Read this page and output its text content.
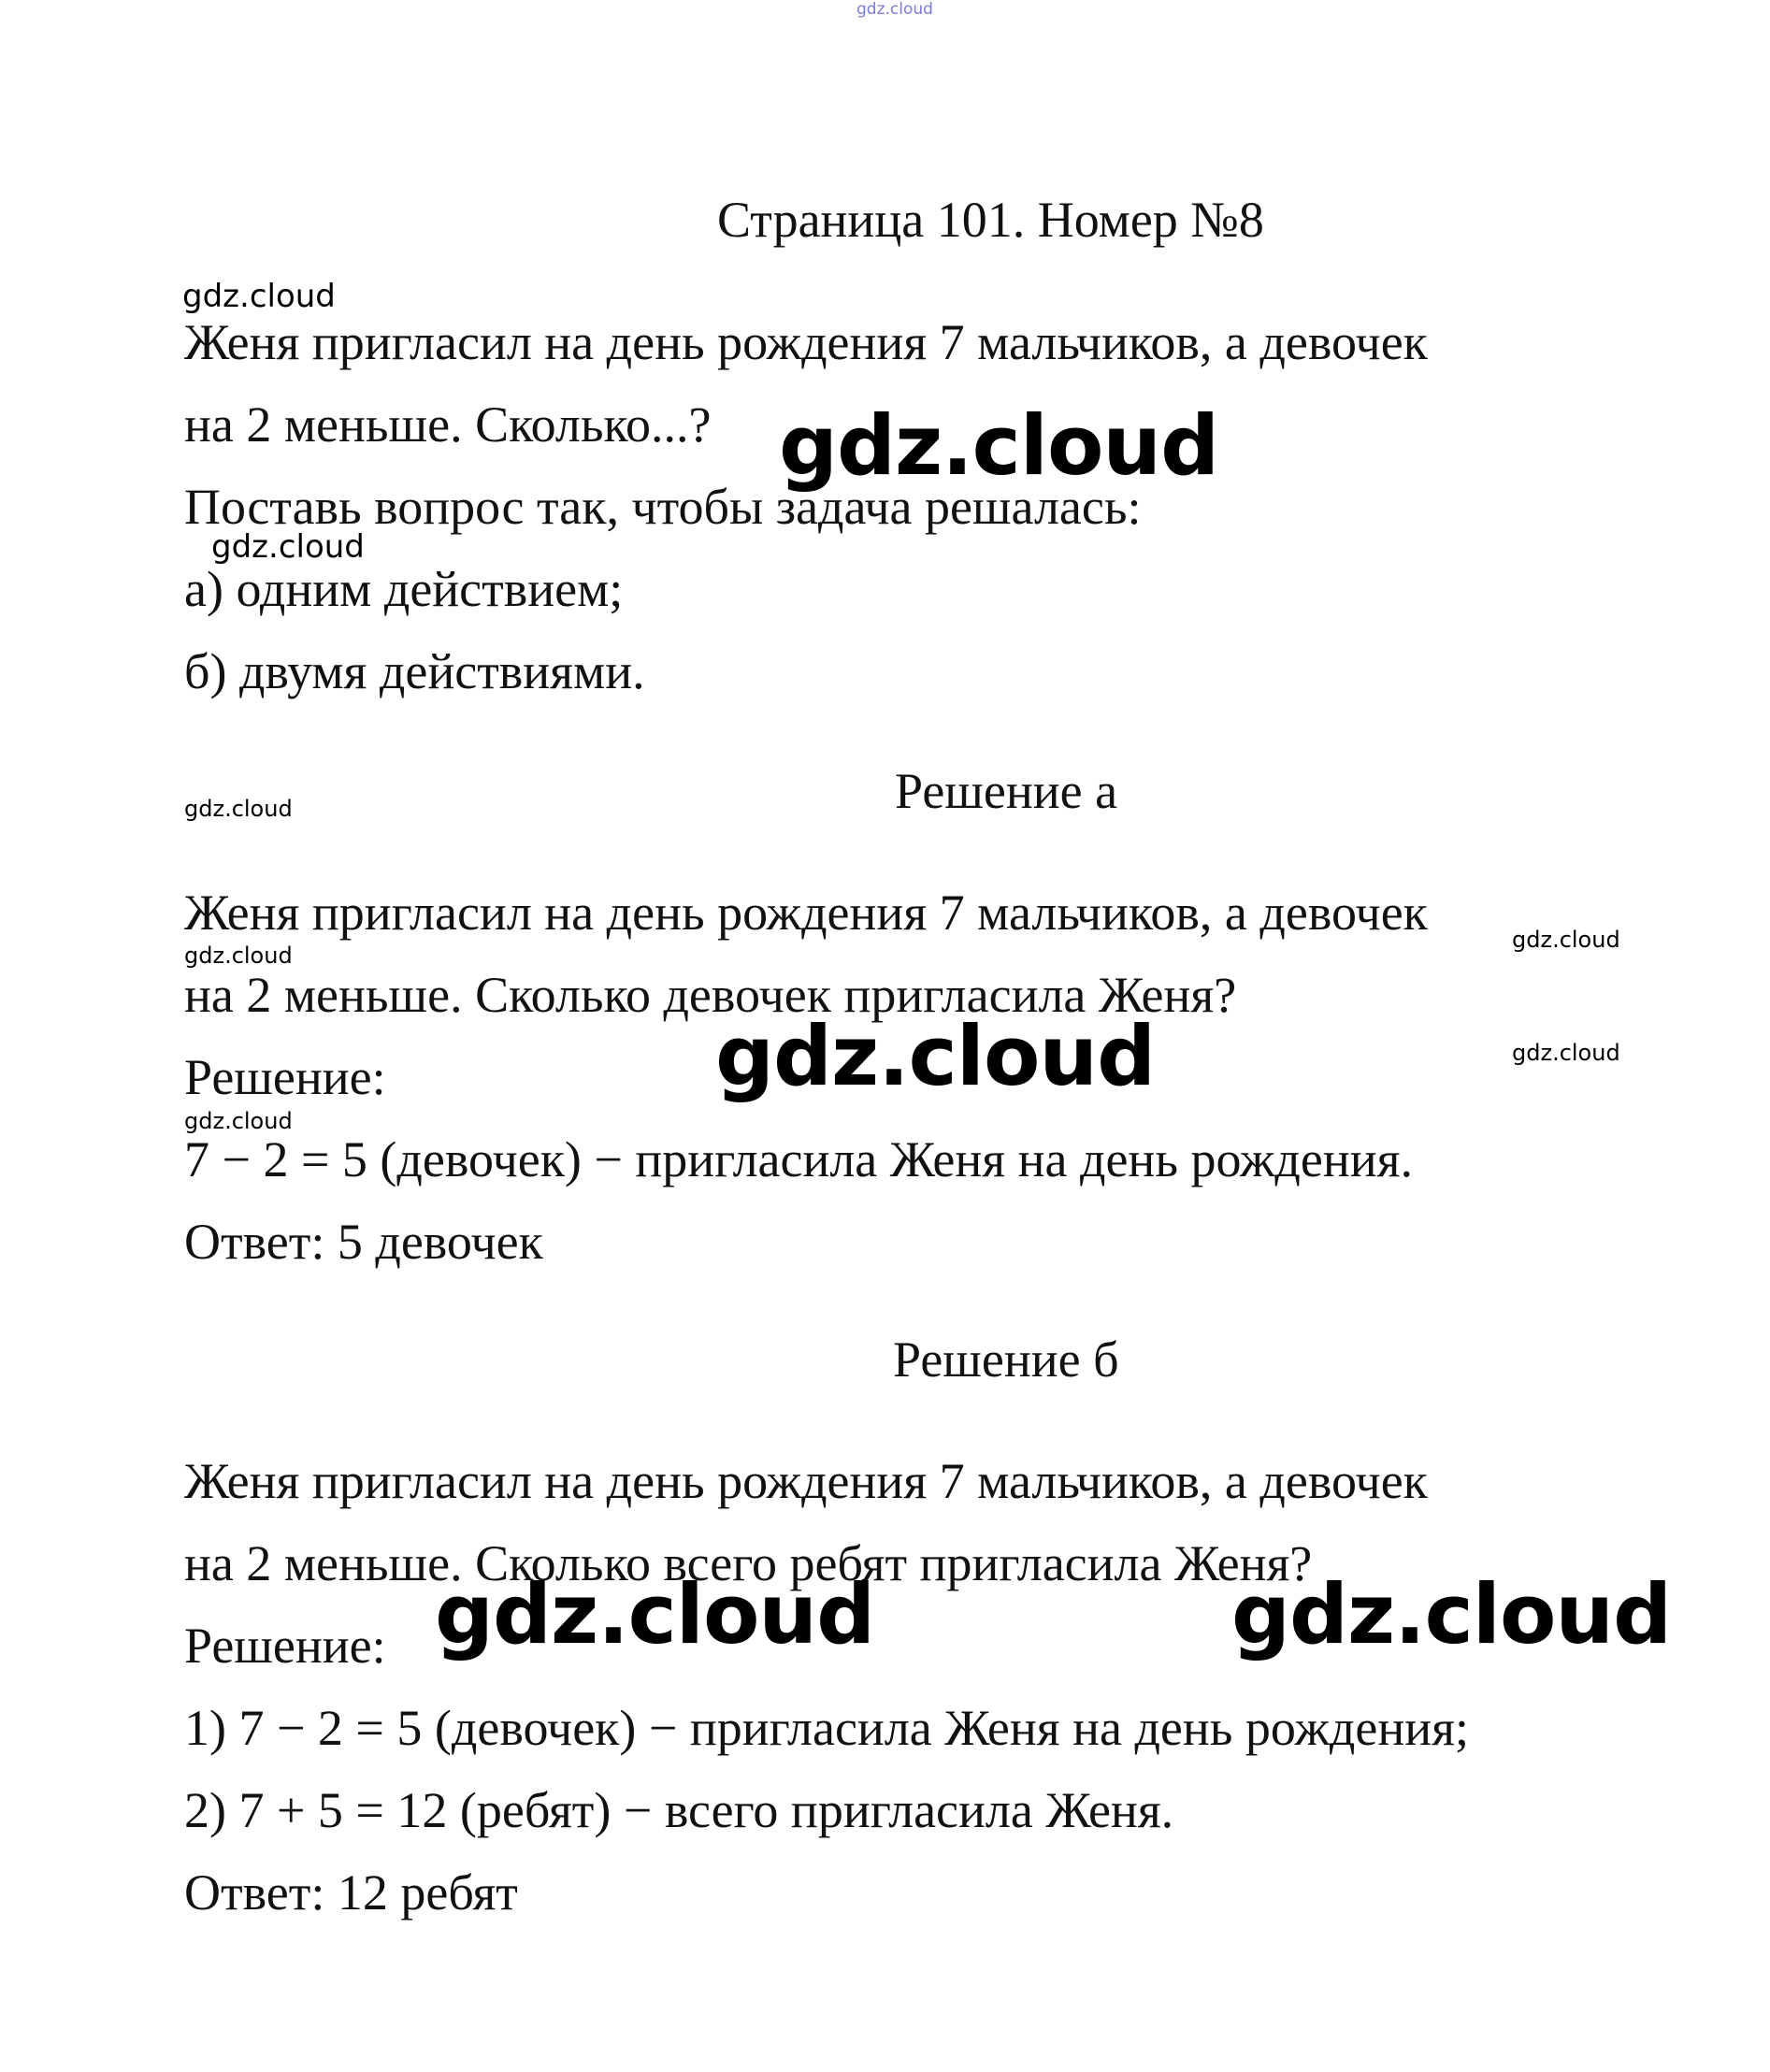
gdz.cloud
Страница 101. Номер №8
gdz.cloud

Женя пригласил на день рождения 7 мальчиков, а девочек

на 2 меньше. Сколько...? gdz.cloud

Поставь вопрос так, чтобы задача решалась:

gdz.cloud

а) одним действием;

б) двумя действиями.

gdz.cloud	Решение а

Женя пригласил на день рождения 7 мальчиков, а девочек

gdz.cloud
gdz.cloud

на 2 меньше. Сколько девочек пригласила Женя?

gdz.cloud

Решение:	gdz.cloud
gdz.cloud

7 − 2 = 5 (девочек) − пригласила Женя на день рождения.

Ответ: 5 девочек

Решение б

Женя пригласил на день рождения 7 мальчиков, а девочек

на 2 меньше. Сколько всего ребят пригласила Женя?

Решение: gdz.cloud	gdz.cloud

1) 7 − 2 = 5 (девочек) − пригласила Женя на день рождения;

2) 7 + 5 = 12 (ребят) − всего пригласила Женя.

Ответ: 12 ребят
